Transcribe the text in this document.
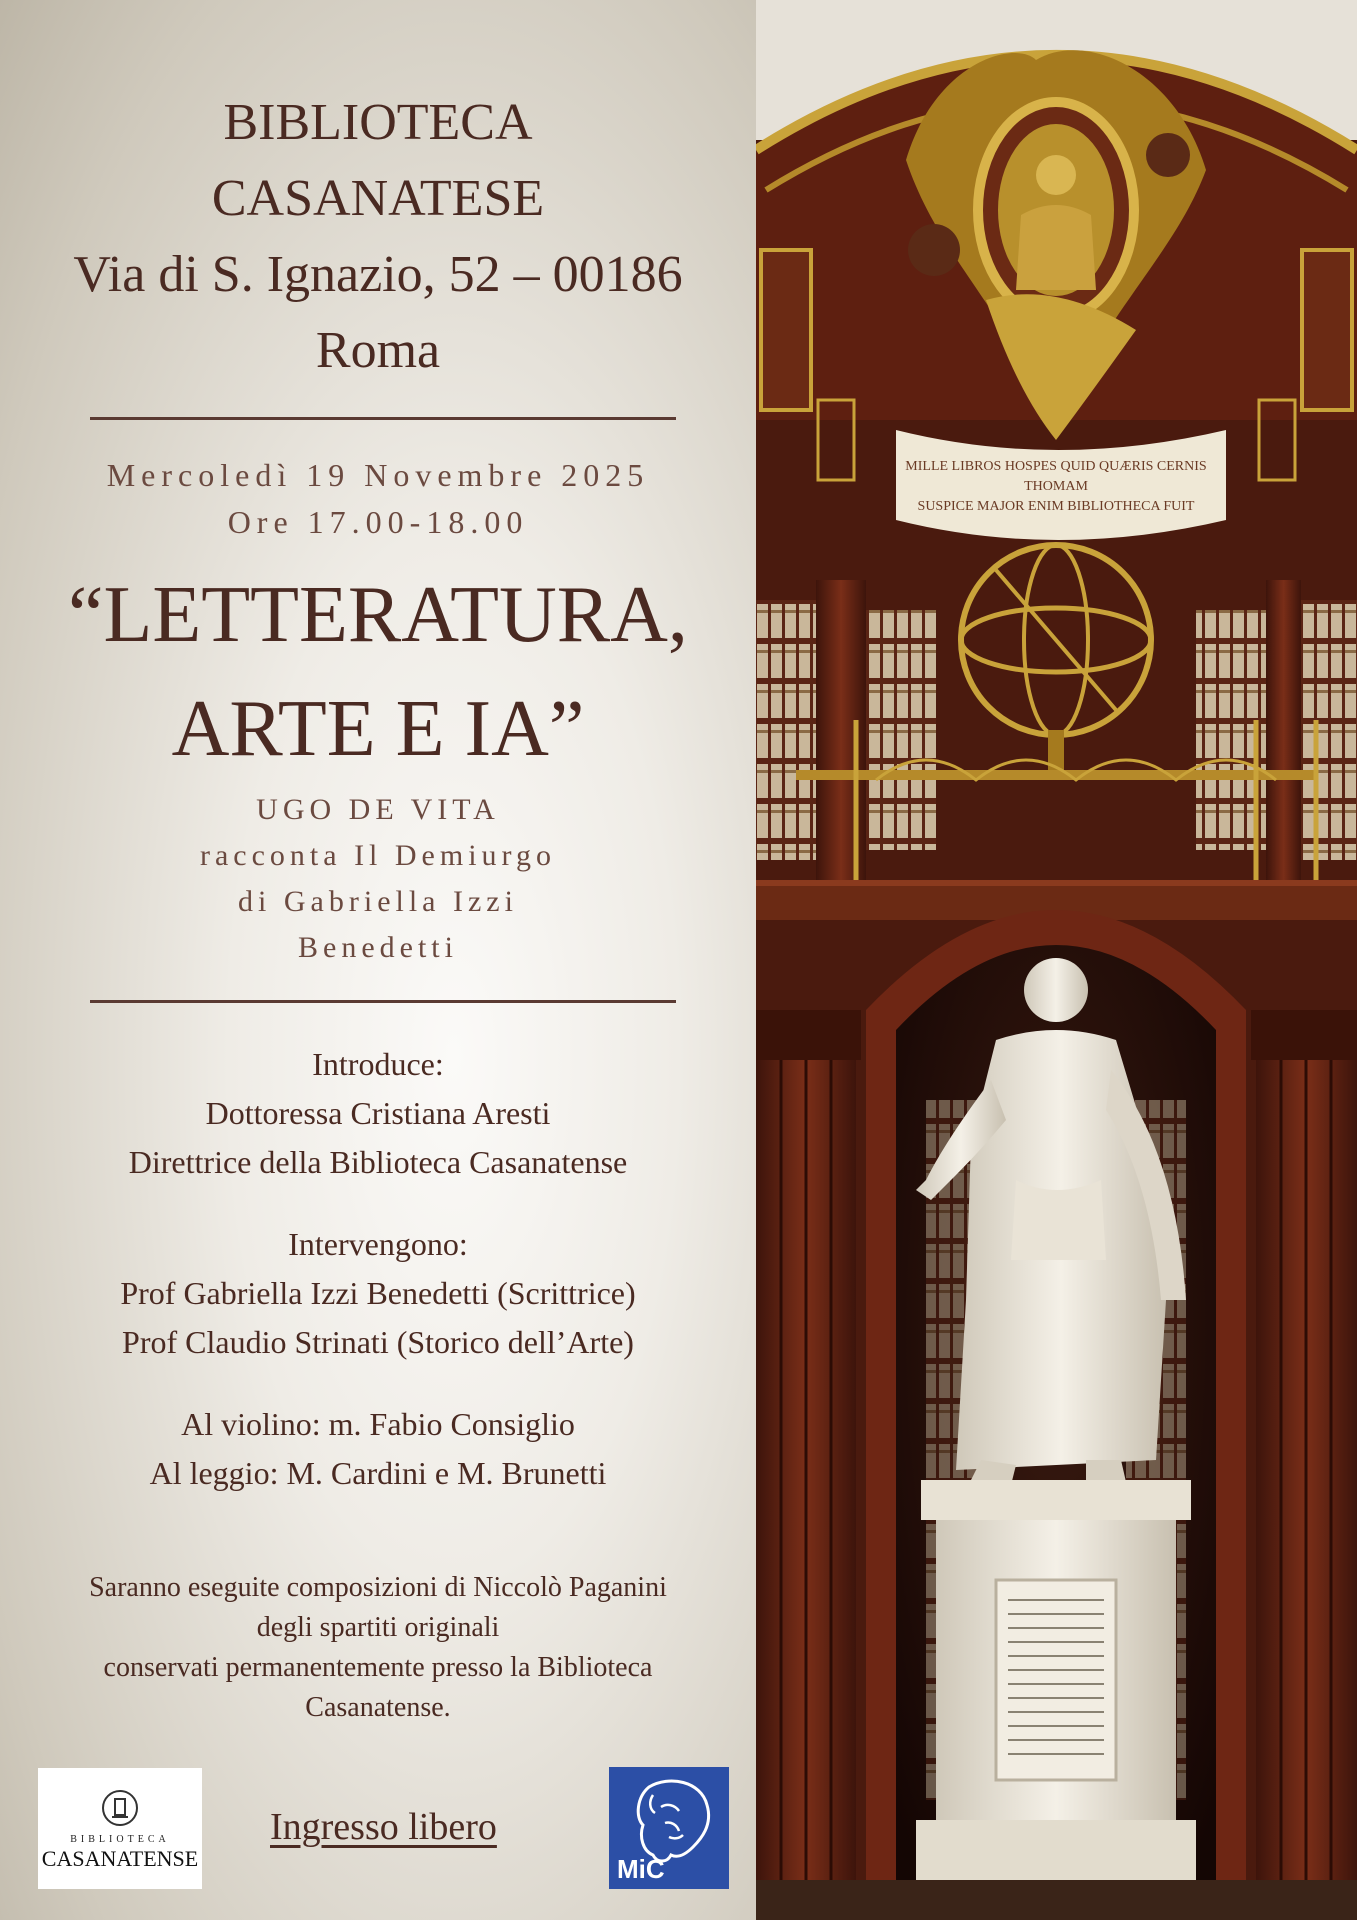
BIBLIOTECA
CASANATESE
Via di S. Ignazio, 52 – 00186
Roma
Mercoledì 19 Novembre 2025
Ore 17.00-18.00
“LETTERATURA,
ARTE E IA”
UGO DE VITA
racconta Il Demiurgo
di Gabriella Izzi
Benedetti
Introduce:
Dottoressa Cristiana Aresti
Direttrice della Biblioteca Casanatense
Intervengono:
Prof Gabriella Izzi Benedetti (Scrittrice)
Prof Claudio Strinati (Storico dell’Arte)
Al violino: m. Fabio Consiglio
Al leggio: M. Cardini e M. Brunetti
Saranno eseguite composizioni di Niccolò Paganini
degli spartiti originali
conservati permanentemente presso la Biblioteca
Casanatense.
BIBLIOTECA
CASANATENSE
Ingresso libero
MiC
MILLE LIBROS HOSPES QUID QUÆRIS CERNIS
THOMAM
SUSPICE MAJOR ENIM BIBLIOTHECA FUIT
